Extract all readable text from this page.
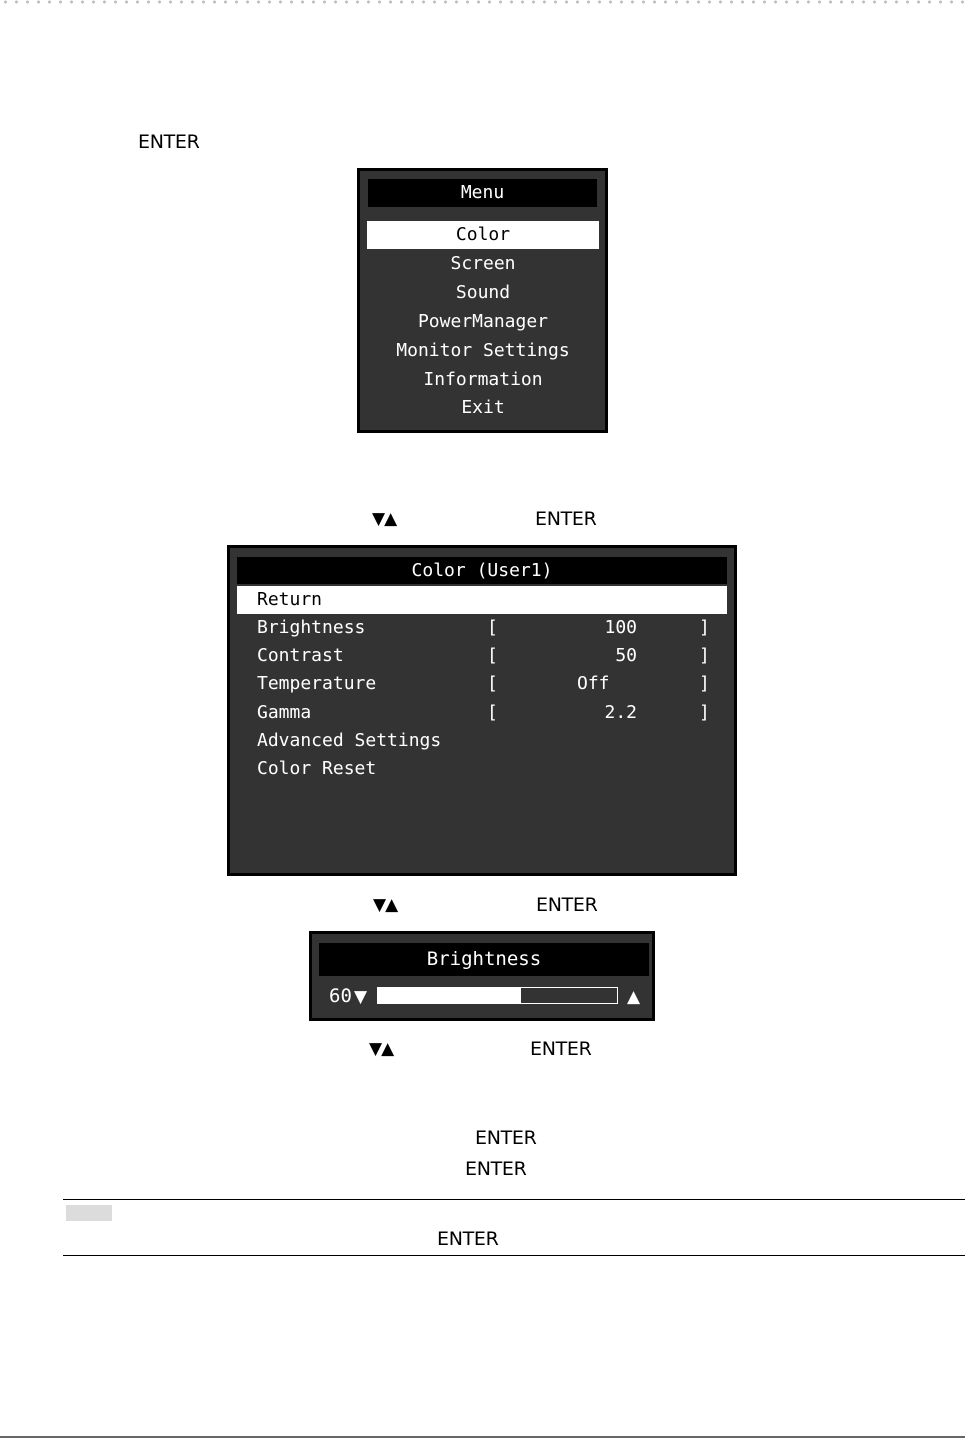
ENTER
Menu
Color
Screen
Sound
PowerManager
Monitor Settings
Information
Exit
▼▲	ENTER
Color (User1)
Return
Brightness	[	100	]
Contrast	[	50	]
Temperature	[	Off	]
Gamma	[	2.2	]
Advanced Settings
Color Reset
▼▲	ENTER
Brightness
60 ▼	▲
▼▲	ENTER
ENTER
ENTER
ENTER
